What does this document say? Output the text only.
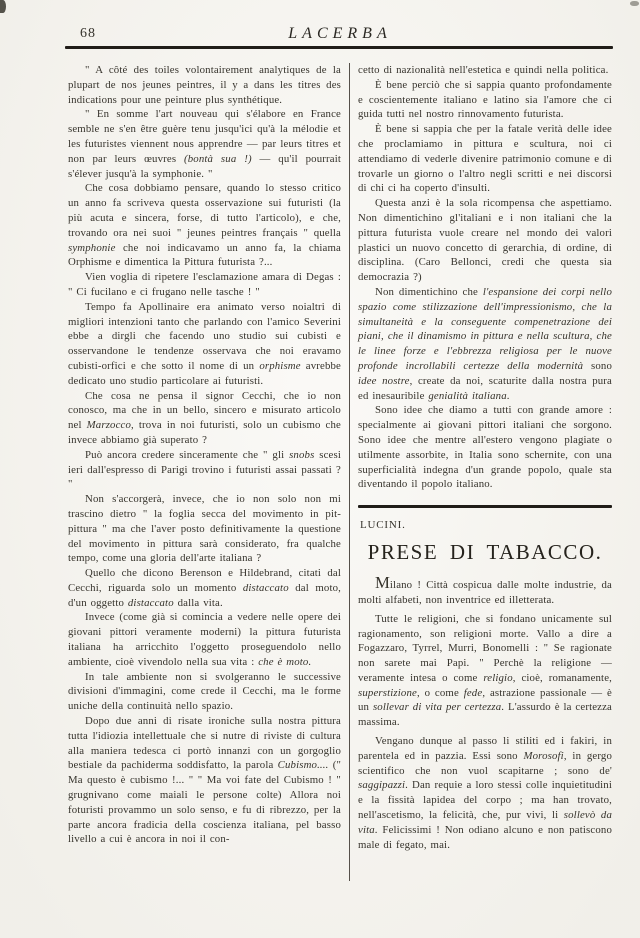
68	LACERBA

" A côté des toiles volontairement analytiques de la plupart de nos jeunes peintres, il y a dans les titres des indications pour une peinture plus synthétique.

" En somme l'art nouveau qui s'élabore en France semble ne s'en être guère tenu jusqu'ici qu'à la mélodie et les futuristes viennent nous apprendre — par leurs titres et non par leurs œuvres (bontà sua !) — qu'il pourrait s'élever jusqu'à la symphonie. "

Che cosa dobbiamo pensare, quando lo stesso critico un anno fa scriveva questa osservazione sui futuristi (la più acuta e sincera, forse, di tutto l'articolo), e che, trovando ora nei suoi " jeunes peintres français " quella symphonie che noi indicavamo un anno fa, la chiama Orphisme e dimentica la Pittura futurista ?...

Vien voglia di ripetere l'esclamazione amara di Degas : " Ci fucilano e ci frugano nelle tasche ! "

Tempo fa Apollinaire era animato verso noialtri di migliori intenzioni tanto che parlando con l'amico Severini ebbe a dirgli che facendo uno studio sui cubisti e osservandone le tendenze osservava che noi eravamo cubisti-orfici e che sotto il nome di un orphisme avrebbe dedicato uno studio particolare ai futuristi.

Che cosa ne pensa il signor Cecchi, che io non conosco, ma che in un bello, sincero e misurato articolo nel Marzocco, trova in noi futuristi, solo un cubismo che invece abbiamo già superato ?

Può ancora credere sinceramente che " gli snobs scesi ieri dall'espresso di Parigi trovino i futuristi assai passati ? "

Non s'accorgerà, invece, che io non solo non mi trascino dietro " la foglia secca del movimento in pit-pittura " ma che l'aver posto definitivamente la questione del movimento in pittura sarà considerato, fra qualche tempo, come una gloria dell'arte italiana ?

Quello che dicono Berenson e Hildebrand, citati dal Cecchi, riguarda solo un momento distaccato dal moto, d'un oggetto distaccato dalla vita.

Invece (come già si comincia a vedere nelle opere dei giovani pittori veramente moderni) la pittura futurista italiana ha arricchito l'oggetto proseguendolo nello ambiente, cioè vivendolo nella sua vita : che è moto.

In tale ambiente non si svolgeranno le successive divisioni d'immagini, come crede il Cecchi, ma le forme uniche della continuità nello spazio.

Dopo due anni di risate ironiche sulla nostra pittura tutta l'idiozia intellettuale che si nutre di riviste di cultura alla maniera tedesca ci portò innanzi con un gorgoglio bestiale da pachiderma soddisfatto, la parola Cubismo.... (" Ma questo è cubismo !... " " Ma voi fate del Cubismo ! " grugnivano come maiali le persone colte) Allora noi foturisti provammo un solo senso, e fu di ribrezzo, per la parte ancora fradicia della coscienza italiana, pel basso livello a cui è ancora in noi il con-

cetto di nazionalità nell'estetica e quindi nella politica.

È bene perciò che si sappia quanto profondamente e coscientemente italiano e latino sia l'amore che ci guida tutti nel nostro rinnovamento futurista.

È bene si sappia che per la fatale verità delle idee che proclamiamo in pittura e scultura, noi ci attendiamo di vederle divenire patrimonio comune e di trovarle un giorno o l'altro negli scritti e nei discorsi di chi ci ha coperto d'insulti.

Questa anzi è la sola ricompensa che aspettiamo. Non dimentichino gl'italiani e i non italiani che la pittura futurista vuole creare nel mondo dei valori plastici un nuovo concetto di gerarchia, di ordine, di disciplina. (Caro Bellonci, credi che questa sia democrazia ?)

Non dimentichino che l'espansione dei corpi nello spazio come stilizzazione dell'impressionismo, che la simultaneità e la conseguente compenetrazione dei piani, che il dinamismo in pittura e nella scultura, che le linee forze e l'ebbrezza religiosa per le nuove profonde incrollabili certezze della modernità sono idee nostre, create da noi, scaturite dalla nostra pura ed inesauribile genialità italiana.

Sono idee che diamo a tutti con grande amore : specialmente ai giovani pittori italiani che sorgono. Sono idee che mentre all'estero vengono plagiate o utilmente assorbite, in Italia sono schernite, con una superficialità indegna d'un grande popolo, quale sta diventando il popolo italiano.

LUCINI.
PRESE DI TABACCO.

Milano ! Città cospicua dalle molte industrie, da molti alfabeti, non inventrice ed illetterata.

Tutte le religioni, che si fondano unicamente sul ragionamento, son religioni morte. Vallo a dire a Fogazzaro, Tyrrel, Murri, Bonomelli : " Se ragionate non sarete mai Papi. " Perchè la religione — veramente intesa o come religio, cioè, romanamente, superstizione, o come fede, astrazione passionale — è un sollevar di vita per certezza. L'assurdo è la certezza massima.

Vengano dunque al passo li stiliti ed i fakiri, in parentela ed in pazzia. Essi sono Morosofi, in gergo scientifico che non vuol scapitarne ; sono de' saggipazzi. Dan requie a loro stessi colle inquietitudini e la fissità lapidea del corpo ; ma han trovato, nell'ascetismo, la felicità, che, pur vivi, li sollevò da vita. Felicissimi ! Non odiano alcuno e non patiscono male di fegato, mai.
